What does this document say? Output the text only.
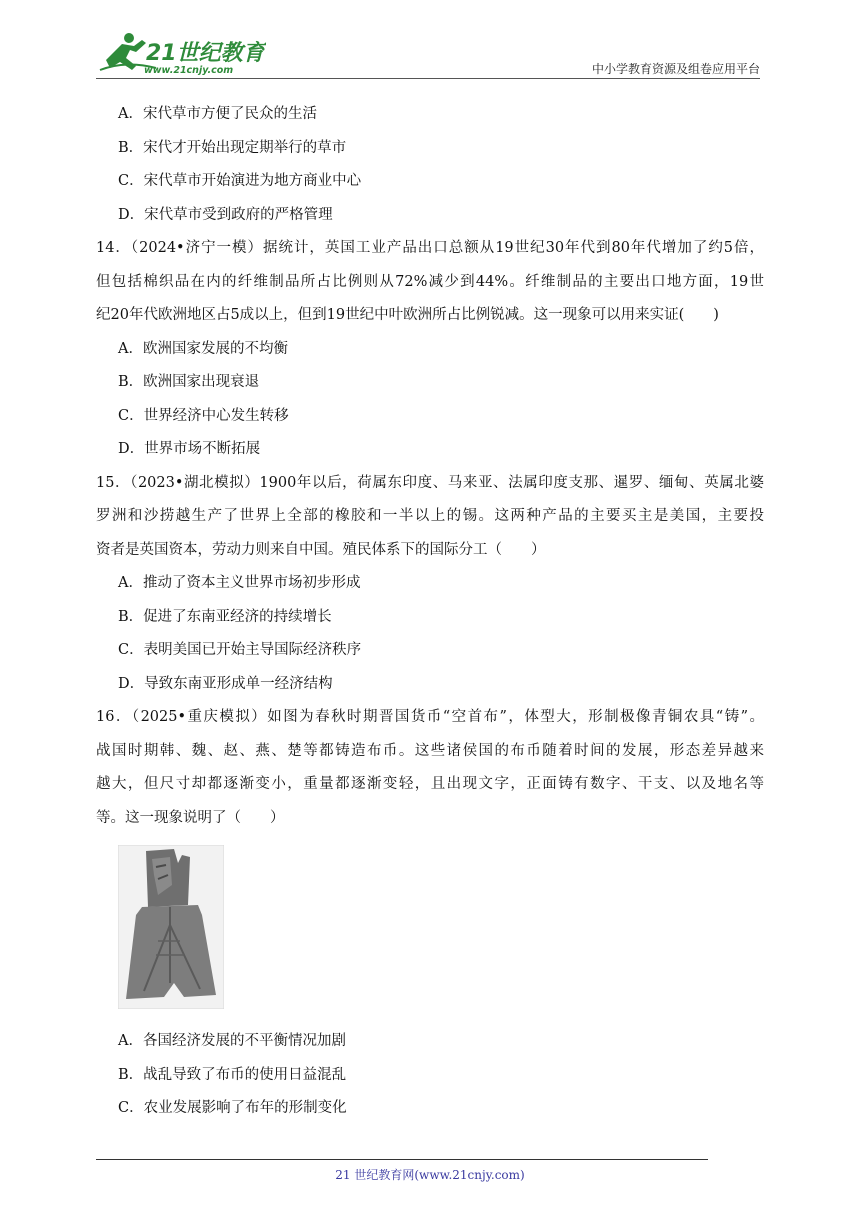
21世纪教育
www.21cnjy.com	中小学教育资源及组卷应用平台
A．宋代草市方便了民众的生活
B．宋代才开始出现定期举行的草市
C．宋代草市开始演进为地方商业中心
D．宋代草市受到政府的严格管理
14．（2024•济宁一模）据统计，英国工业产品出口总额从19世纪30年代到80年代增加了约5倍，
但包括棉织品在内的纤维制品所占比例则从72%减少到44%。纤维制品的主要出口地方面，19世
纪20年代欧洲地区占5成以上，但到19世纪中叶欧洲所占比例锐减。这一现象可以用来实证(　　)
A．欧洲国家发展的不均衡
B．欧洲国家出现衰退
C．世界经济中心发生转移
D．世界市场不断拓展
15．（2023•湖北模拟）1900年以后，荷属东印度、马来亚、法属印度支那、暹罗、缅甸、英属北婆
罗洲和沙捞越生产了世界上全部的橡胶和一半以上的锡。这两种产品的主要买主是美国，主要投
资者是英国资本，劳动力则来自中国。殖民体系下的国际分工（　　）
A．推动了资本主义世界市场初步形成
B．促进了东南亚经济的持续增长
C．表明美国已开始主导国际经济秩序
D．导致东南亚形成单一经济结构
16．（2025•重庆模拟）如图为春秋时期晋国货币“空首布”，体型大，形制极像青铜农具“铸”。
战国时期韩、魏、赵、燕、楚等都铸造布币。这些诸侯国的布币随着时间的发展，形态差异越来
越大，但尺寸却都逐渐变小，重量都逐渐变轻，且出现文字，正面铸有数字、干支、以及地名等
等。这一现象说明了（　　）
A．各国经济发展的不平衡情况加剧
B．战乱导致了布币的使用日益混乱
C．农业发展影响了布年的形制变化
21 世纪教育网(www.21cnjy.com)
